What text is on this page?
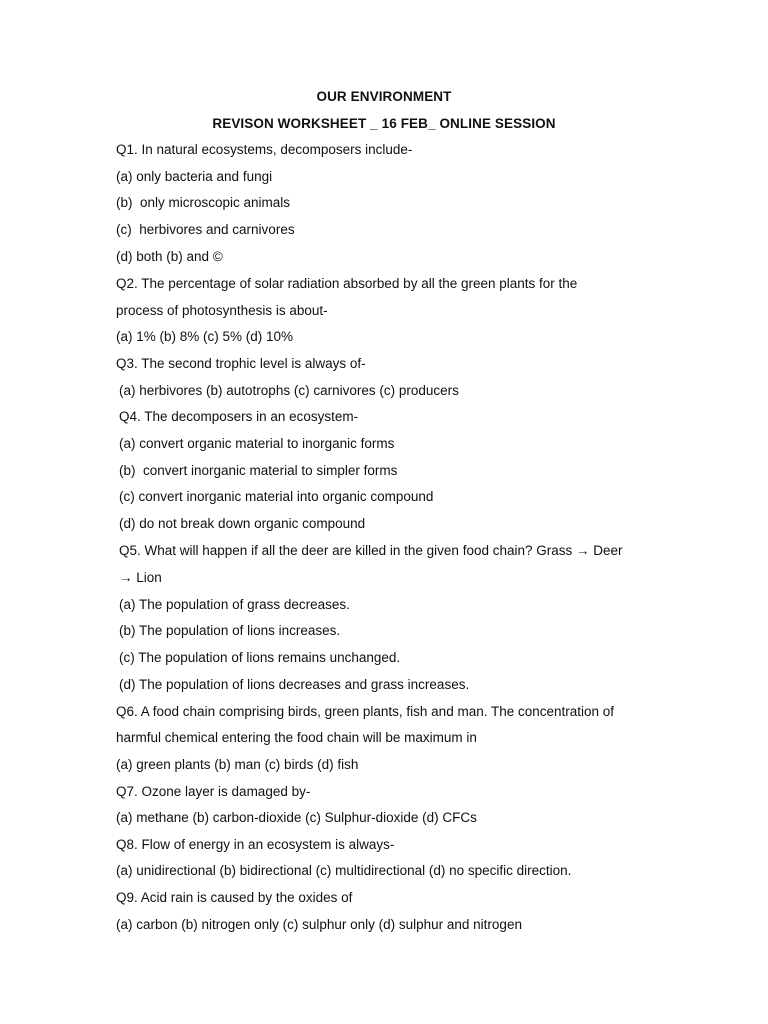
OUR ENVIRONMENT
REVISON WORKSHEET _ 16 FEB_ ONLINE SESSION
Q1. In natural ecosystems, decomposers include-
(a) only bacteria and fungi
(b)  only microscopic animals
(c)  herbivores and carnivores
(d) both (b) and ©
Q2. The percentage of solar radiation absorbed by all the green plants for the
process of photosynthesis is about-
(a) 1% (b) 8% (c) 5% (d) 10%
Q3. The second trophic level is always of-
(a) herbivores (b) autotrophs (c) carnivores (c) producers
Q4. The decomposers in an ecosystem-
(a) convert organic material to inorganic forms
(b)  convert inorganic material to simpler forms
(c) convert inorganic material into organic compound
(d) do not break down organic compound
Q5. What will happen if all the deer are killed in the given food chain? Grass → Deer
→ Lion
(a) The population of grass decreases.
(b) The population of lions increases.
(c) The population of lions remains unchanged.
(d) The population of lions decreases and grass increases.
Q6. A food chain comprising birds, green plants, fish and man. The concentration of
harmful chemical entering the food chain will be maximum in
(a) green plants (b) man (c) birds (d) fish
Q7. Ozone layer is damaged by-
(a) methane (b) carbon-dioxide (c) Sulphur-dioxide (d) CFCs
Q8. Flow of energy in an ecosystem is always-
(a) unidirectional (b) bidirectional (c) multidirectional (d) no specific direction.
Q9. Acid rain is caused by the oxides of
(a) carbon (b) nitrogen only (c) sulphur only (d) sulphur and nitrogen
